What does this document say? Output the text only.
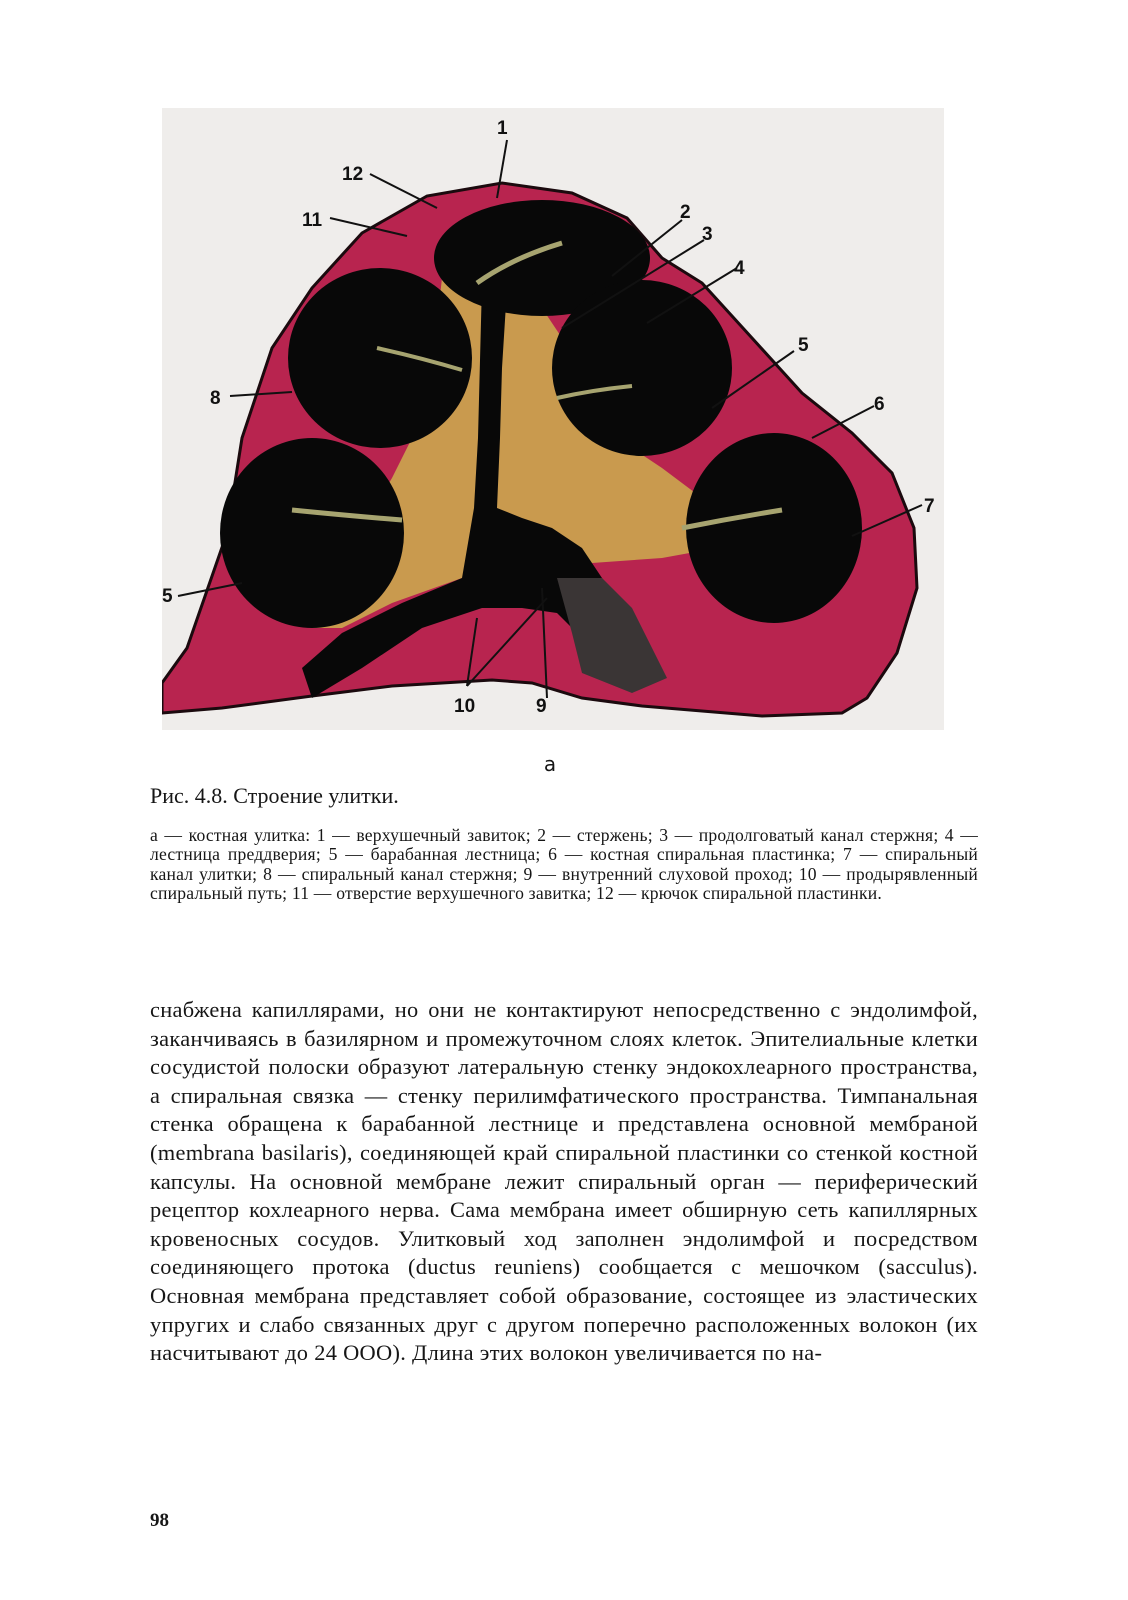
1
2
3
4
5
5
6
7
8
9
10
11
12
а
Рис. 4.8. Строение улитки.
а — костная улитка: 1 — верхушечный завиток; 2 — стержень; 3 — продолговатый канал стержня; 4 — лестница преддверия; 5 — барабанная лестница; 6 — костная спиральная пластинка; 7 — спиральный канал улитки; 8 — спиральный канал стержня; 9 — внутренний слуховой проход; 10 — продырявленный спиральный путь; 11 — отверстие верхушечного завитка; 12 — крючок спиральной пластинки.
снабжена капиллярами, но они не контактируют непосредственно с эндолимфой, заканчиваясь в базилярном и промежуточном слоях клеток. Эпителиальные клетки сосудистой полоски образуют латеральную стенку эндокохлеарного пространства, а спиральная связка — стенку перилимфатического пространства. Тимпанальная стенка обращена к барабанной лестнице и представлена основной мембраной (membrana basilaris), соединяющей край спиральной пластинки со стенкой костной капсулы. На основной мембране лежит спиральный орган — периферический рецептор кохлеарного нерва. Сама мембрана имеет обширную сеть капиллярных кровеносных сосудов. Улитковый ход заполнен эндолимфой и посредством соединяющего протока (ductus reuniens) сообщается с мешочком (sacculus). Основная мембрана представляет собой образование, состоящее из эластических упругих и слабо связанных друг с другом поперечно расположенных волокон (их насчитывают до 24 ООО). Длина этих волокон увеличивается по на-
98
